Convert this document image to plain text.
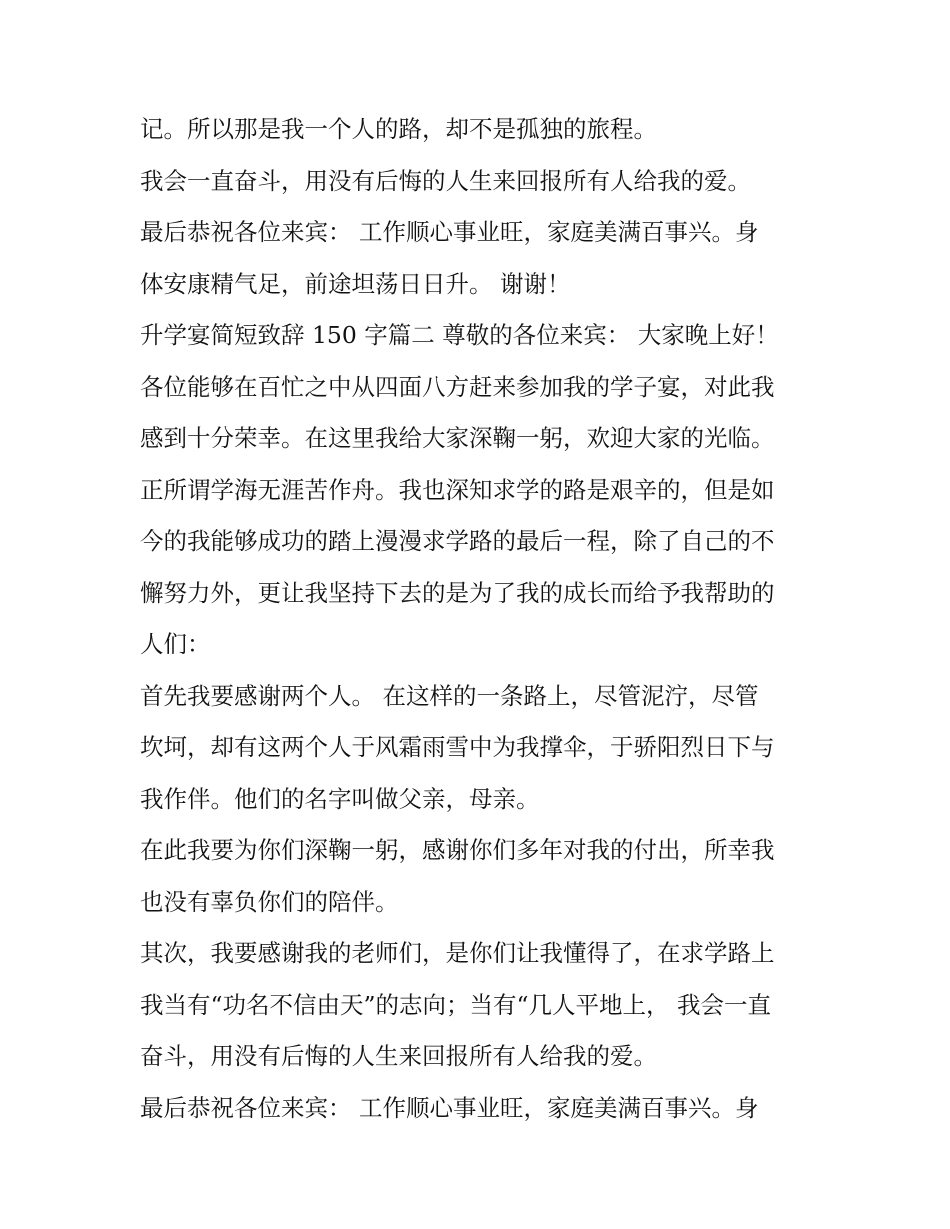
记。所以那是我一个人的路，却不是孤独的旅程。

我会一直奋斗，用没有后悔的人生来回报所有人给我的爱。

最后恭祝各位来宾： 工作顺心事业旺，家庭美满百事兴。身

体安康精气足，前途坦荡日日升。 谢谢！

升学宴简短致辞 150 字篇二 尊敬的各位来宾： 大家晚上好！

各位能够在百忙之中从四面八方赶来参加我的学子宴，对此我

感到十分荣幸。在这里我给大家深鞠一躬，欢迎大家的光临。

正所谓学海无涯苦作舟。我也深知求学的路是艰辛的，但是如

今的我能够成功的踏上漫漫求学路的最后一程，除了自己的不

懈努力外，更让我坚持下去的是为了我的成长而给予我帮助的

人们：

首先我要感谢两个人。 在这样的一条路上，尽管泥泞，尽管

坎坷，却有这两个人于风霜雨雪中为我撑伞，于骄阳烈日下与

我作伴。他们的名字叫做父亲，母亲。

在此我要为你们深鞠一躬，感谢你们多年对我的付出，所幸我

也没有辜负你们的陪伴。

其次，我要感谢我的老师们，是你们让我懂得了，在求学路上

我当有“功名不信由天”的志向；当有“几人平地上， 我会一直

奋斗，用没有后悔的人生来回报所有人给我的爱。

最后恭祝各位来宾： 工作顺心事业旺，家庭美满百事兴。身
